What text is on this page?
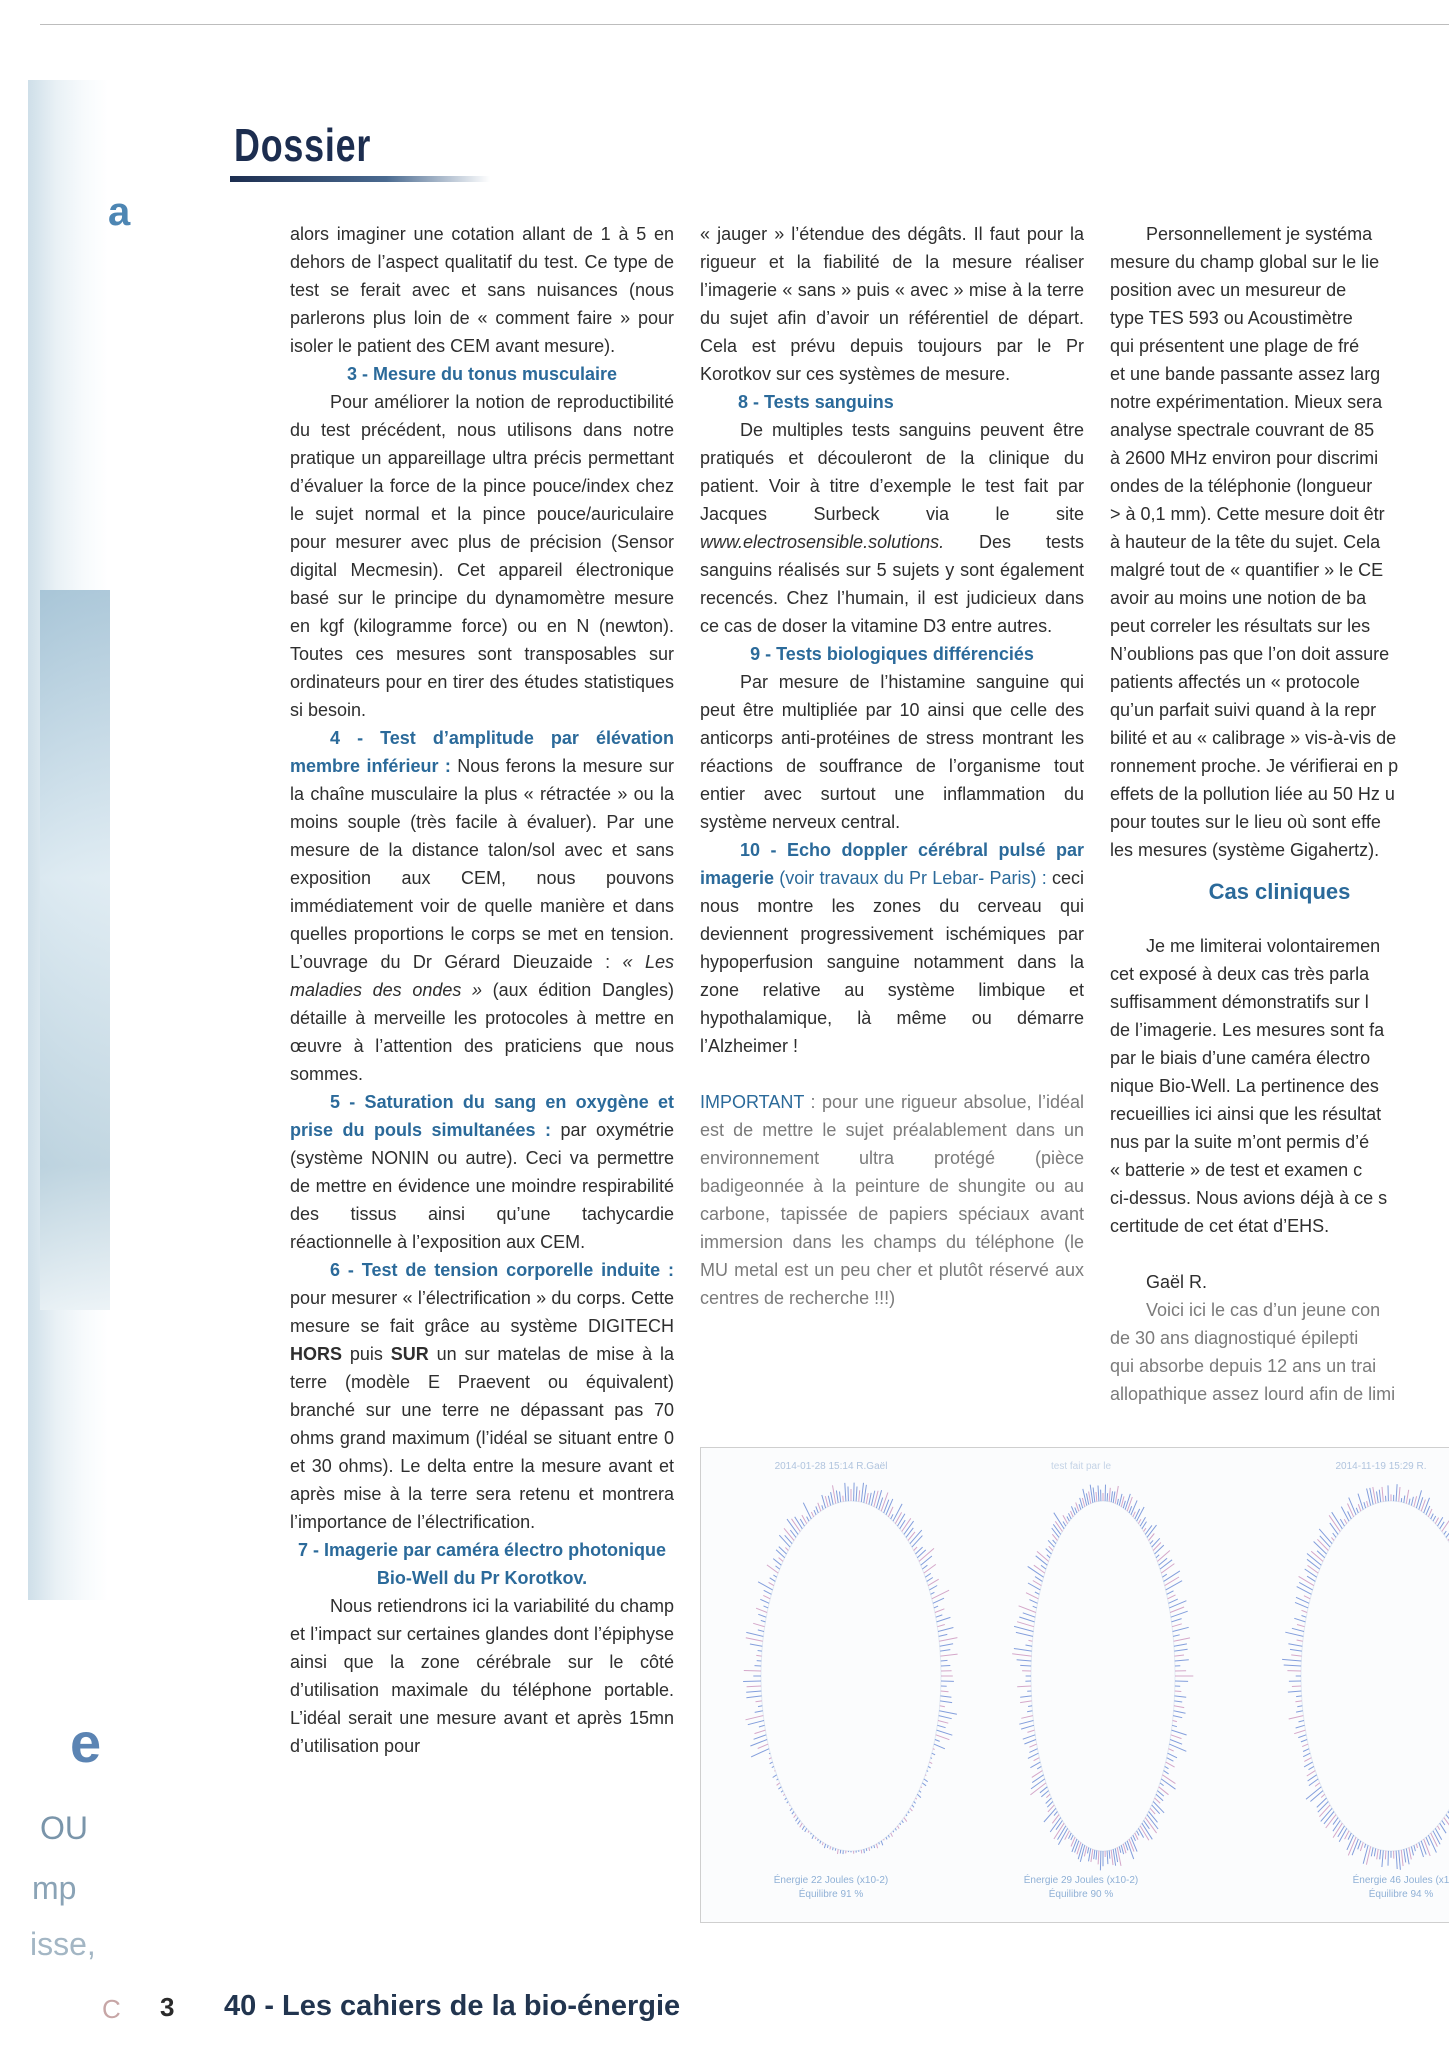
a
e
OU
mp
isse,
Dossier

alors imaginer une cotation allant de 1 à 5 en dehors de l’aspect qualitatif du test. Ce type de test se ferait avec et sans nuisances (nous parlerons plus loin de « comment faire » pour isoler le patient des CEM avant mesure).

3 - Mesure du tonus musculaire

Pour améliorer la notion de reproductibilité du test précédent, nous utilisons dans notre pratique un appareillage ultra précis permettant d’évaluer la force de la pince pouce/index chez le sujet normal et la pince pouce/auriculaire pour mesurer avec plus de précision (Sensor digital Mecmesin). Cet appareil électronique basé sur le principe du dynamomètre mesure en kgf (kilogramme force) ou en N (newton). Toutes ces mesures sont transposables sur ordinateurs pour en tirer des études statistiques si besoin.

4 - Test d’amplitude par élévation membre inférieur : Nous ferons la mesure sur la chaîne musculaire la plus « rétractée » ou la moins souple (très facile à évaluer). Par une mesure de la distance talon/sol avec et sans exposition aux CEM, nous pouvons immédiatement voir de quelle manière et dans quelles proportions le corps se met en tension. L’ouvrage du Dr Gérard Dieuzaide : « Les maladies des ondes » (aux édition Dangles) détaille à merveille les protocoles à mettre en œuvre à l’attention des praticiens que nous sommes.

5 - Saturation du sang en oxygène et prise du pouls simultanées : par oxymétrie (système NONIN ou autre). Ceci va permettre de mettre en évidence une moindre respirabilité des tissus ainsi qu’une tachycardie réactionnelle à l’exposition aux CEM.

6 - Test de tension corporelle induite : pour mesurer « l’électrification » du corps. Cette mesure se fait grâce au système DIGITECH HORS puis SUR un sur matelas de mise à la terre (modèle E Praevent ou équivalent) branché sur une terre ne dépassant pas 70 ohms grand maximum (l’idéal se situant entre 0 et 30 ohms). Le delta entre la mesure avant et après mise à la terre sera retenu et montrera l’importance de l’électrification.

7 - Imagerie par caméra électro photonique Bio-Well du Pr Korotkov.

Nous retiendrons ici la variabilité du champ et l’impact sur certaines glandes dont l’épiphyse ainsi que la zone cérébrale sur le côté d’utilisation maximale du téléphone portable. L’idéal serait une mesure avant et après 15mn d’utilisation pour

« jauger » l’étendue des dégâts. Il faut pour la rigueur et la fiabilité de la mesure réaliser l’imagerie « sans » puis « avec » mise à la terre du sujet afin d’avoir un référentiel de départ. Cela est prévu depuis toujours par le Pr Korotkov sur ces systèmes de mesure.

8 - Tests sanguins

De multiples tests sanguins peuvent être pratiqués et découleront de la clinique du patient. Voir à titre d’exemple le test fait par Jacques Surbeck via le site www.electrosensible.solutions. Des tests sanguins réalisés sur 5 sujets y sont également recencés. Chez l’humain, il est judicieux dans ce cas de doser la vitamine D3 entre autres.

9 - Tests biologiques différenciés

Par mesure de l’histamine sanguine qui peut être multipliée par 10 ainsi que celle des anticorps anti-protéines de stress montrant les réactions de souffrance de l’organisme tout entier avec surtout une inflammation du système nerveux central.

10 - Echo doppler cérébral pulsé par imagerie (voir travaux du Pr Lebar- Paris) : ceci nous montre les zones du cerveau qui deviennent progressivement ischémiques par hypoperfusion sanguine notamment dans la zone relative au système limbique et hypothalamique, là même ou démarre l’Alzheimer !

IMPORTANT : pour une rigueur absolue, l’idéal est de mettre le sujet préalablement dans un environnement ultra protégé (pièce badigeonnée à la peinture de shungite ou au carbone, tapissée de papiers spéciaux avant immersion dans les champs du téléphone (le MU metal est un peu cher et plutôt réservé aux centres de recherche !!!)

Personnellement je systéma

mesure du champ global sur le lie

position avec un mesureur de

type TES 593 ou Acoustimètre

qui présentent une plage de fré

et une bande passante assez larg

notre expérimentation. Mieux sera

analyse spectrale couvrant de 85

à 2600 MHz environ pour discrimi

ondes de la téléphonie (longueur

> à 0,1 mm). Cette mesure doit êtr

à hauteur de la tête du sujet. Cela

malgré tout de « quantifier » le CE

avoir au moins une notion de ba

peut correler les résultats sur les

N’oublions pas que l’on doit assure

patients affectés un « protocole

qu’un parfait suivi quand à la repr

bilité et au « calibrage » vis-à-vis de

ronnement proche. Je vérifierai en p

effets de la pollution liée au 50 Hz u

pour toutes sur le lieu où sont effe

les mesures (système Gigahertz).

Cas cliniques

Je me limiterai volontairemen

cet exposé à deux cas très parla

suffisamment démonstratifs sur l

de l’imagerie. Les mesures sont fa

par le biais d’une caméra électro

nique Bio-Well. La pertinence des

recueillies ici ainsi que les résultat

nus par la suite m’ont permis d’é

« batterie » de test et examen c

ci-dessus. Nous avions déjà à ce s

certitude de cet état d’EHS.

Gaël R.

Voici ici le cas d’un jeune con

de 30 ans diagnostiqué épilepti

qui absorbe depuis 12 ans un trai

allopathique assez lourd afin de limi

2014-01-28 15:14 R.Gaël	test fait par le	2014-11-19 15:29 R.
Énergie 22 Joules (x10-2)
Équilibre 91 %
Énergie 29 Joules (x10-2)
Équilibre 90 %
Énergie 46 Joules (x1
Équilibre 94 %
C 3 40 - Les cahiers de la bio-énergie
